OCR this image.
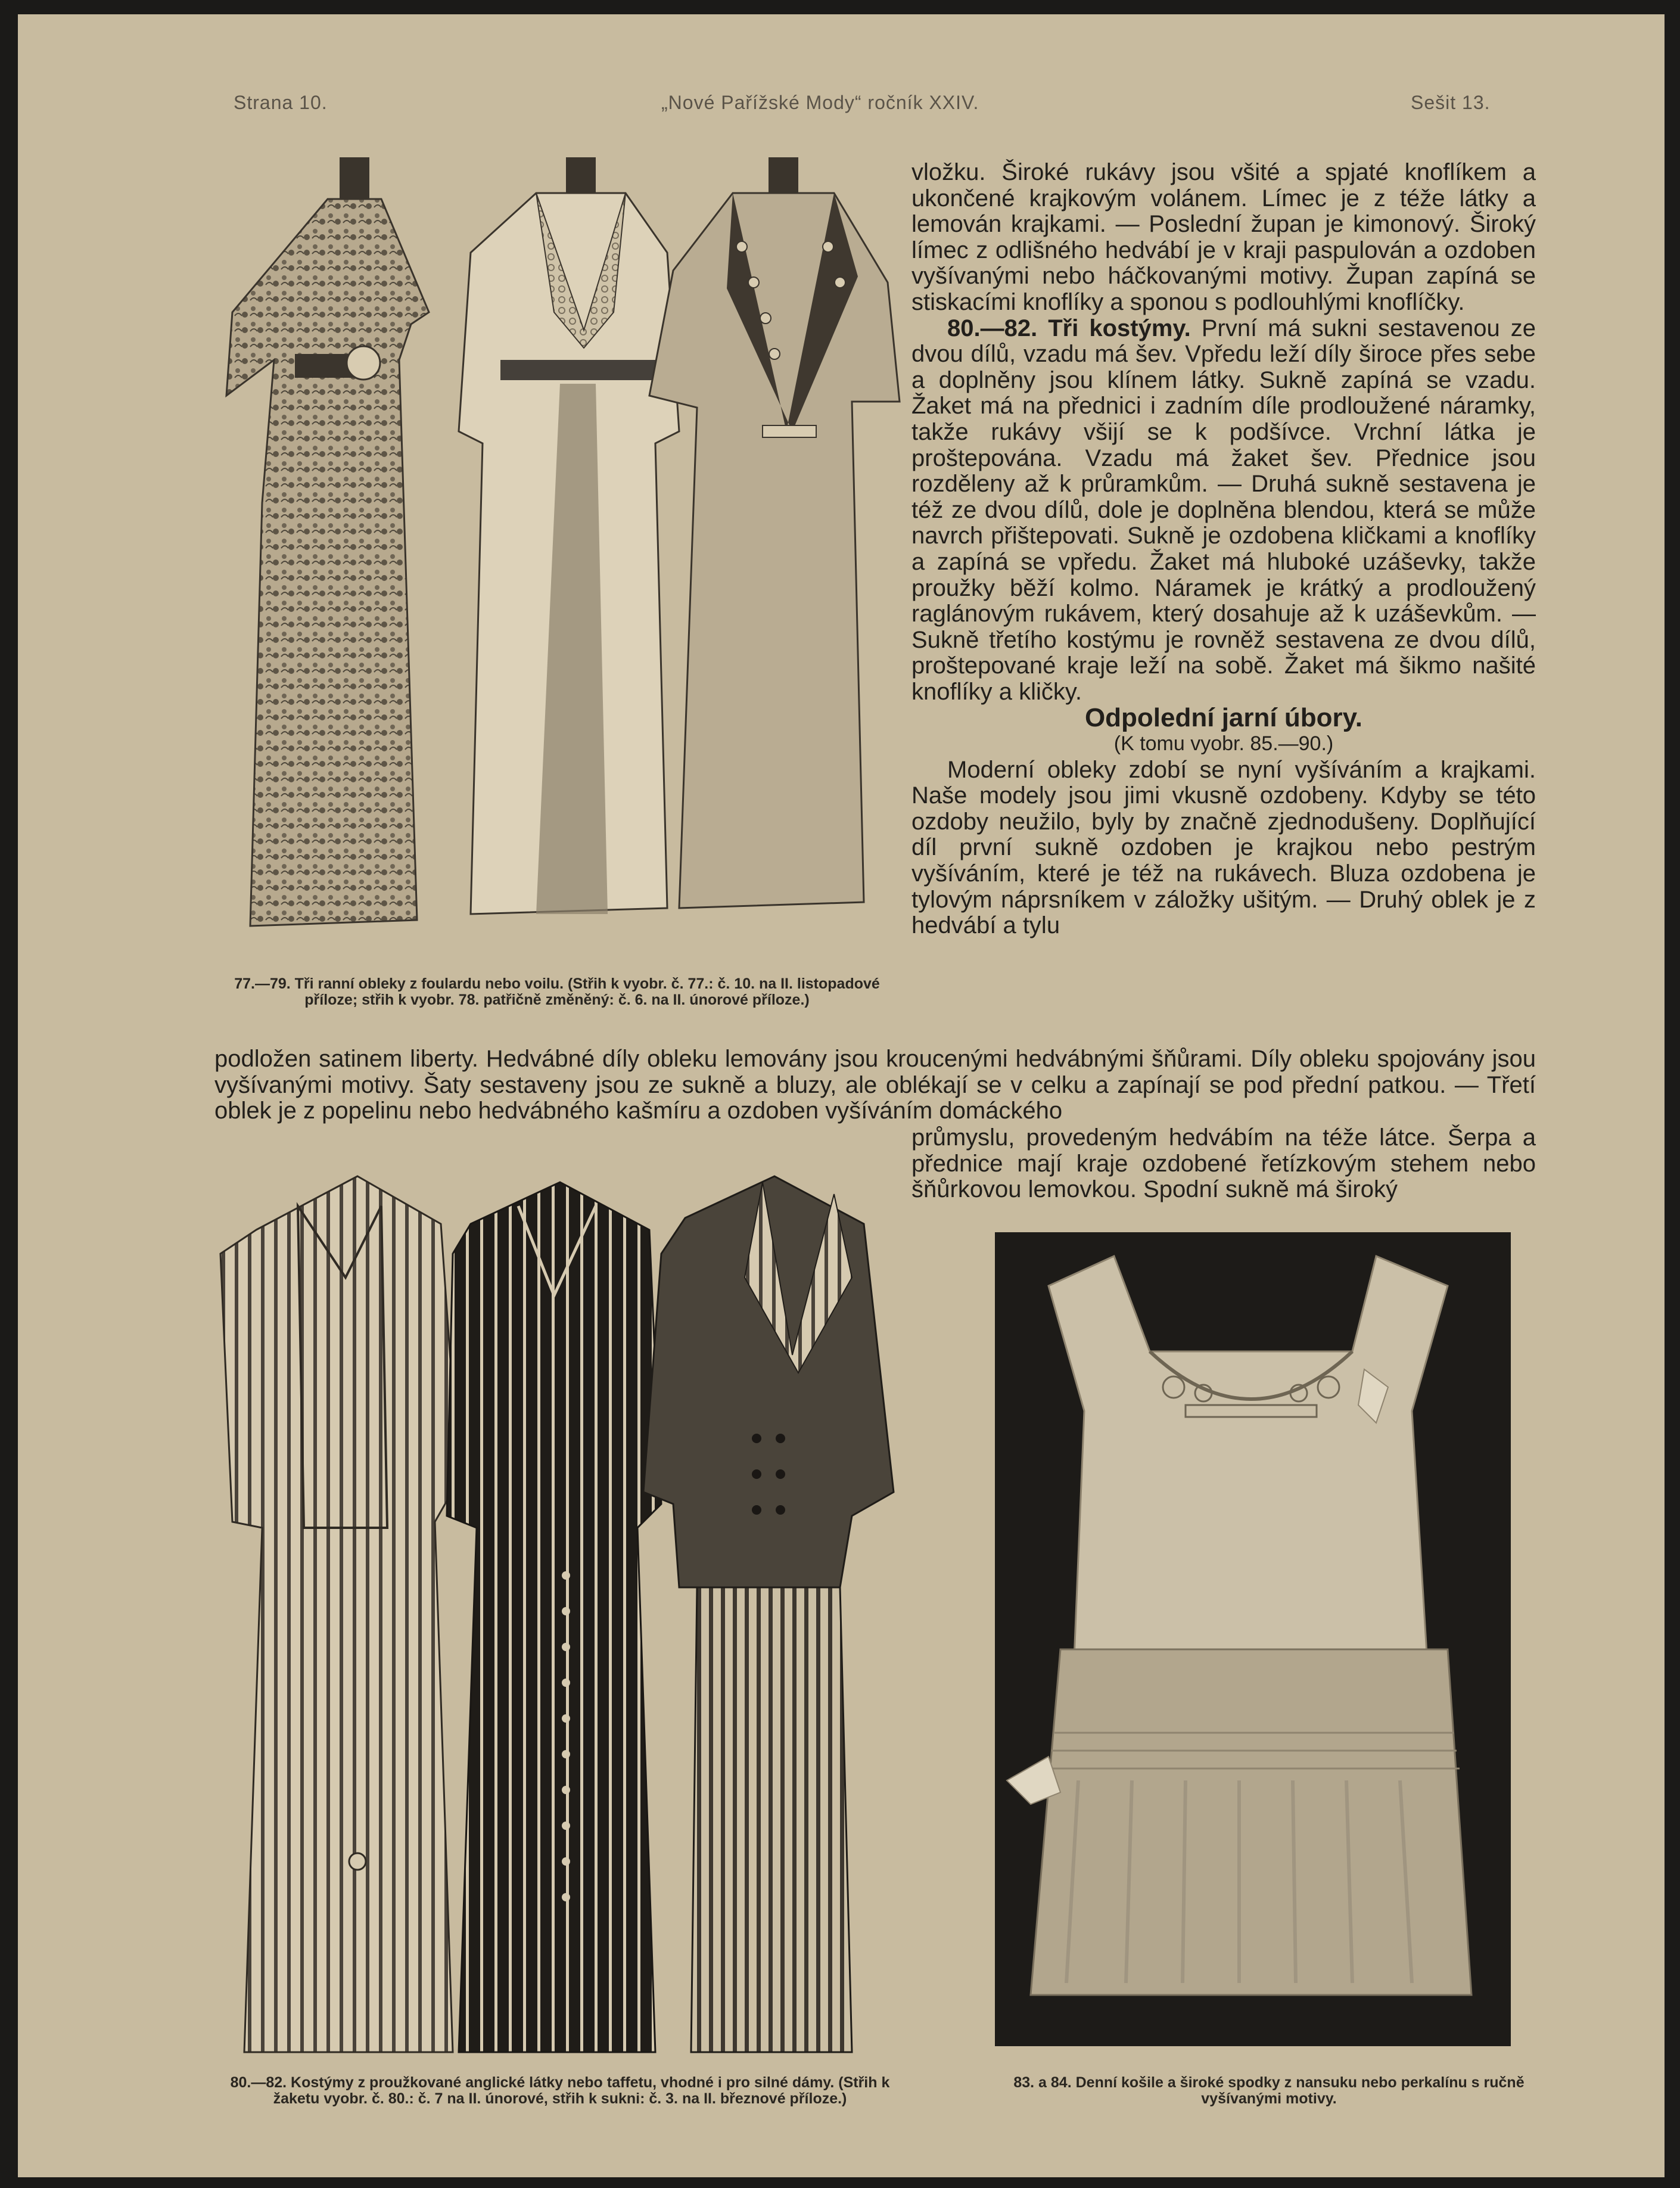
Strana 10.	„Nové Pařížské Mody“ ročník XXIV.	Sešit 13.

77.—79. Tři ranní obleky z foulardu nebo voilu. (Střih k vyobr. č. 77.: č. 10. na II. listopadové příloze; střih k vyobr. 78. patřičně změněný: č. 6. na II. únorové příloze.)

vložku. Široké rukávy jsou všité a spjaté knoflíkem a ukončené krajkovým volánem. Límec je z téže látky a lemován krajkami. — Poslední župan je kimonový. Široký límec z odlišného hedvábí je v kraji paspulován a ozdoben vyšívanými nebo háčkovanými motivy. Župan zapíná se stiskacími knoflíky a sponou s podlouhlými knoflíčky.

80.—82. Tři kostýmy. První má sukni sestavenou ze dvou dílů, vzadu má šev. Vpředu leží díly široce přes sebe a doplněny jsou klínem látky. Sukně zapíná se vzadu. Žaket má na přednici i zadním díle prodloužené náramky, takže rukávy všijí se k podšívce. Vrchní látka je proštepována. Vzadu má žaket šev. Přednice jsou rozděleny až k průramkům. — Druhá sukně sestavena je též ze dvou dílů, dole je doplněna blendou, která se může navrch přištepovati. Sukně je ozdobena kličkami a knoflíky a zapíná se vpředu. Žaket má hluboké uzáševky, takže proužky běží kolmo. Náramek je krátký a prodloužený raglánovým rukávem, který dosahuje až k uzáševkům. — Sukně třetího kostýmu je rovněž sestavena ze dvou dílů, proštepované kraje leží na sobě. Žaket má šikmo našité knoflíky a kličky.

Odpolední jarní úbory.

(K tomu vyobr. 85.—90.)

Moderní obleky zdobí se nyní vyšíváním a krajkami. Naše modely jsou jimi vkusně ozdobeny. Kdyby se této ozdoby neužilo, byly by značně zjednodušeny. Doplňující díl první sukně ozdoben je krajkou nebo pestrým vyšíváním, které je též na rukávech. Bluza ozdobena je tylovým náprsníkem v záložky ušitým. — Druhý oblek je z hedvábí a tylu

podložen satinem liberty. Hedvábné díly obleku lemovány jsou kroucenými hedvábnými šňůrami. Díly obleku spojovány jsou vyšívanými motivy. Šaty sestaveny jsou ze sukně a bluzy, ale oblékají se v celku a zapínají se pod přední patkou. — Třetí oblek je z popelinu nebo hedvábného kašmíru a ozdoben vyšíváním domáckého

průmyslu, provedeným hedvábím na téže látce. Šerpa a přednice mají kraje ozdobené řetízkovým stehem nebo šňůrkovou lemovkou. Spodní sukně má široký

80.—82. Kostýmy z proužkované anglické látky nebo taffetu, vhodné i pro silné dámy. (Střih k žaketu vyobr. č. 80.: č. 7 na II. únorové, střih k sukni: č. 3. na II. březnové příloze.)

83. a 84. Denní košile a široké spodky z nansuku nebo perkalínu s ručně vyšívanými motivy.
